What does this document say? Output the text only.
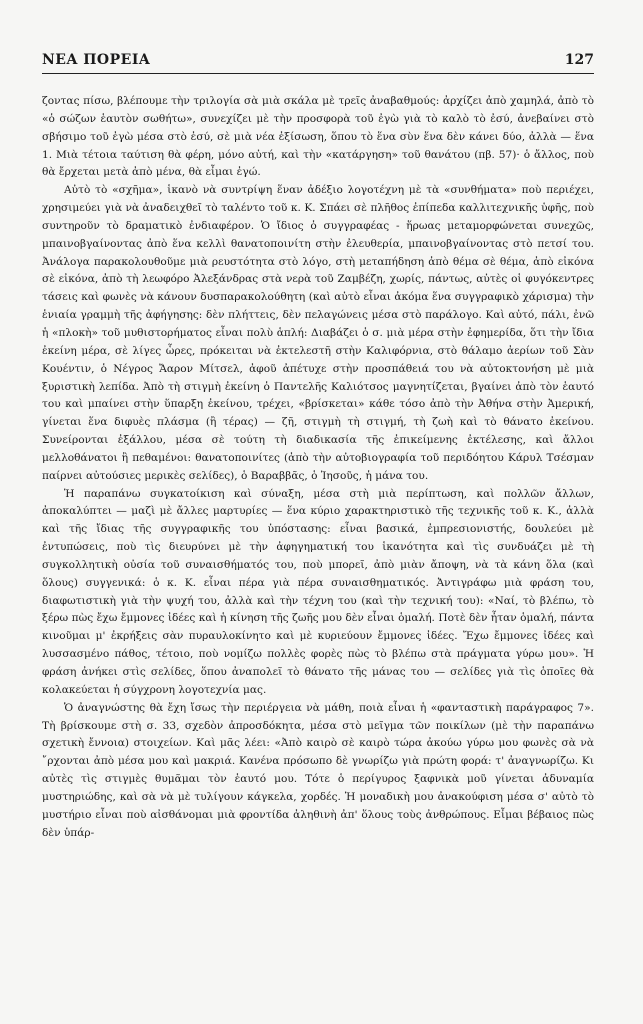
ΝΕΑ ΠΟΡΕΙΑ	127

ζοντας πίσω, βλέπουμε τὴν τριλογία σὰ μιὰ σκάλα μὲ τρεῖς ἀναβαθμούς: ἀρχίζει ἀπὸ χαμηλά, ἀπὸ τὸ «ὁ σώζων ἑαυτὸν σωθήτω», συνεχίζει μὲ τὴν προσφορὰ τοῦ ἐγὼ γιὰ τὸ καλὸ τὸ ἐσύ, ἀνεβαίνει στὸ σβήσιμο τοῦ ἐγὼ μέσα στὸ ἐσύ, σὲ μιὰ νέα ἐξίσωση, ὅπου τὸ ἕνα σὺν ἕνα δὲν κάνει δύο, ἀλλὰ — ἕνα 1. Μιὰ τέτοια ταύτιση θὰ φέρη, μόνο αὐτή, καὶ τὴν «κατάργηση» τοῦ θανάτου (πβ. 57)· ὁ ἄλλος, ποὺ θὰ ἔρχεται μετὰ ἀπὸ μένα, θὰ εἶμαι ἐγώ.

Αὐτὸ τὸ «σχῆμα», ἱκανὸ νὰ συντρίψη ἕναν ἀδέξιο λογοτέχνη μὲ τὰ «συνθήματα» ποὺ περιέχει, χρησιμεύει γιὰ νὰ ἀναδειχθεῖ τὸ ταλέντο τοῦ κ. Κ. Σπάει σὲ πλῆθος ἐπίπεδα καλλιτεχνικῆς ὑφῆς, ποὺ συντηροῦν τὸ δραματικὸ ἐνδιαφέρον. Ὁ ἴδιος ὁ συγγραφέας - ἥρωας μεταμορφώνεται συνεχῶς, μπαινοβγαίνοντας ἀπὸ ἕνα κελλὶ θανατοποινίτη στὴν ἐλευθερία, μπαινοβγαίνοντας στὸ πετσί του. Ἀνάλογα παρακολουθοῦμε μιὰ ρευστότητα στὸ λόγο, στὴ μεταπήδηση ἀπὸ θέμα σὲ θέμα, ἀπὸ εἰκόνα σὲ εἰκόνα, ἀπὸ τὴ λεωφόρο Ἀλεξάνδρας στὰ νερὰ τοῦ Ζαμβέζη, χωρίς, πάντως, αὐτὲς οἱ φυγόκεντρες τάσεις καὶ φωνὲς νὰ κάνουν δυσπαρακολούθητη (καὶ αὐτὸ εἶναι ἀκόμα ἕνα συγγραφικὸ χάρισμα) τὴν ἑνιαία γραμμὴ τῆς ἀφήγησης: δὲν πλήττεις, δὲν πελαγώνεις μέσα στὸ παράλογο. Καὶ αὐτό, πάλι, ἐνῶ ἡ «πλοκὴ» τοῦ μυθιστορήματος εἶναι πολὺ ἁπλή: Διαβάζει ὁ σ. μιὰ μέρα στὴν ἐφημερίδα, ὅτι τὴν ἴδια ἐκείνη μέρα, σὲ λίγες ὧρες, πρόκειται νὰ ἐκτελεστῆ στὴν Καλιφόρνια, στὸ θάλαμο ἀερίων τοῦ Σὰν Κουέντιν, ὁ Νέγρος Ἄαρον Μίτσελ, ἀφοῦ ἀπέτυχε στὴν προσπάθειά του νὰ αὐτοκτονήση μὲ μιὰ ξυριστικὴ λεπίδα. Ἀπὸ τὴ στιγμὴ ἐκείνη ὁ Παντελῆς Καλιότσος μαγνητίζεται, βγαίνει ἀπὸ τὸν ἑαυτό του καὶ μπαίνει στὴν ὕπαρξη ἐκείνου, τρέχει, «βρίσκεται» κάθε τόσο ἀπὸ τὴν Ἀθήνα στὴν Ἀμερική, γίνεται ἕνα διφυὲς πλάσμα (ἢ τέρας) — ζῆ, στιγμὴ τὴ στιγμή, τὴ ζωὴ καὶ τὸ θάνατο ἐκείνου. Συνείρονται ἐξάλλου, μέσα σὲ τούτη τὴ διαδικασία τῆς ἐπικείμενης ἐκτέλεσης, καὶ ἄλλοι μελλοθάνατοι ἢ πεθαμένοι: θανατοποινίτες (ἀπὸ τὴν αὐτοβιογραφία τοῦ περιδόητου Κάρυλ Τσέσμαν παίρνει αὐτούσιες μερικὲς σελίδες), ὁ Βαραββᾶς, ὁ Ἰησοῦς, ἡ μάνα του.

Ἡ παραπάνω συγκατοίκιση καὶ σύναξη, μέσα στὴ μιὰ περίπτωση, καὶ πολλῶν ἄλλων, ἀποκαλύπτει — μαζὶ μὲ ἄλλες μαρτυρίες — ἕνα κύριο χαρακτηριστικὸ τῆς τεχνικῆς τοῦ κ. Κ., ἀλλὰ καὶ τῆς ἴδιας τῆς συγγραφικῆς του ὑπόστασης: εἶναι βασικά, ἐμπρεσιονιστής, δουλεύει μὲ ἐντυπώσεις, ποὺ τὶς διευρύνει μὲ τὴν ἀφηγηματική του ἱκανότητα καὶ τὶς συνδυάζει μὲ τὴ συγκολλητικὴ οὐσία τοῦ συναισθήματός του, ποὺ μπορεῖ, ἀπὸ μιὰν ἄποψη, νὰ τὰ κάνη ὅλα (καὶ ὅλους) συγγενικά: ὁ κ. Κ. εἶναι πέρα γιὰ πέρα συναισθηματικός. Ἀντιγράφω μιὰ φράση του, διαφωτιστικὴ γιὰ τὴν ψυχή του, ἀλλὰ καὶ τὴν τέχνη του (καὶ τὴν τεχνική του): «Ναί, τὸ βλέπω, τὸ ξέρω πὼς ἔχω ἔμμονες ἰδέες καὶ ἡ κίνηση τῆς ζωῆς μου δὲν εἶναι ὁμαλή. Ποτὲ δὲν ἦταν ὁμαλή, πάντα κινοῦμαι μ' ἐκρήξεις σὰν πυραυλοκίνητο καὶ μὲ κυριεύουν ἔμμονες ἰδέες. Ἔχω ἔμμονες ἰδέες καὶ λυσσασμένο πάθος, τέτοιο, ποὺ νομίζω πολλὲς φορὲς πὼς τὸ βλέπω στὰ πράγματα γύρω μου». Ἡ φράση ἀνήκει στὶς σελίδες, ὅπου ἀναπολεῖ τὸ θάνατο τῆς μάνας του — σελίδες γιὰ τὶς ὁποῖες θὰ κολακεύεται ἡ σύγχρονη λογοτεχνία μας.

Ὁ ἀναγνώστης θὰ ἔχη ἴσως τὴν περιέργεια νὰ μάθη, ποιὰ εἶναι ἡ «φανταστικὴ παράγραφος 7». Τὴ βρίσκουμε στὴ σ. 33, σχεδὸν ἀπροσδόκητα, μέσα στὸ μεῖγμα τῶν ποικίλων (μὲ τὴν παραπάνω σχετικὴ ἔννοια) στοιχείων. Καὶ μᾶς λέει: «Ἀπὸ καιρὸ σὲ καιρὸ τώρα ἀκούω γύρω μου φωνὲς σὰ νὰ ῎ρχονται ἀπὸ μέσα μου καὶ μακριά. Κανένα πρόσωπο δὲ γνωρίζω γιὰ πρώτη φορά: τ' ἀναγνωρίζω. Κι αὐτὲς τὶς στιγμὲς θυμᾶμαι τὸν ἑαυτό μου. Τότε ὁ περίγυρος ξαφνικὰ μοῦ γίνεται ἀδυναμία μυστηριώδης, καὶ σὰ νὰ μὲ τυλίγουν κάγκελα, χορδές. Ἡ μοναδικὴ μου ἀνακούφιση μέσα σ' αὐτὸ τὸ μυστήριο εἶναι ποὺ αἰσθάνομαι μιὰ φροντίδα ἀληθινὴ ἀπ' ὅλους τοὺς ἀνθρώπους. Εἶμαι βέβαιος πὼς δὲν ὑπάρ-
